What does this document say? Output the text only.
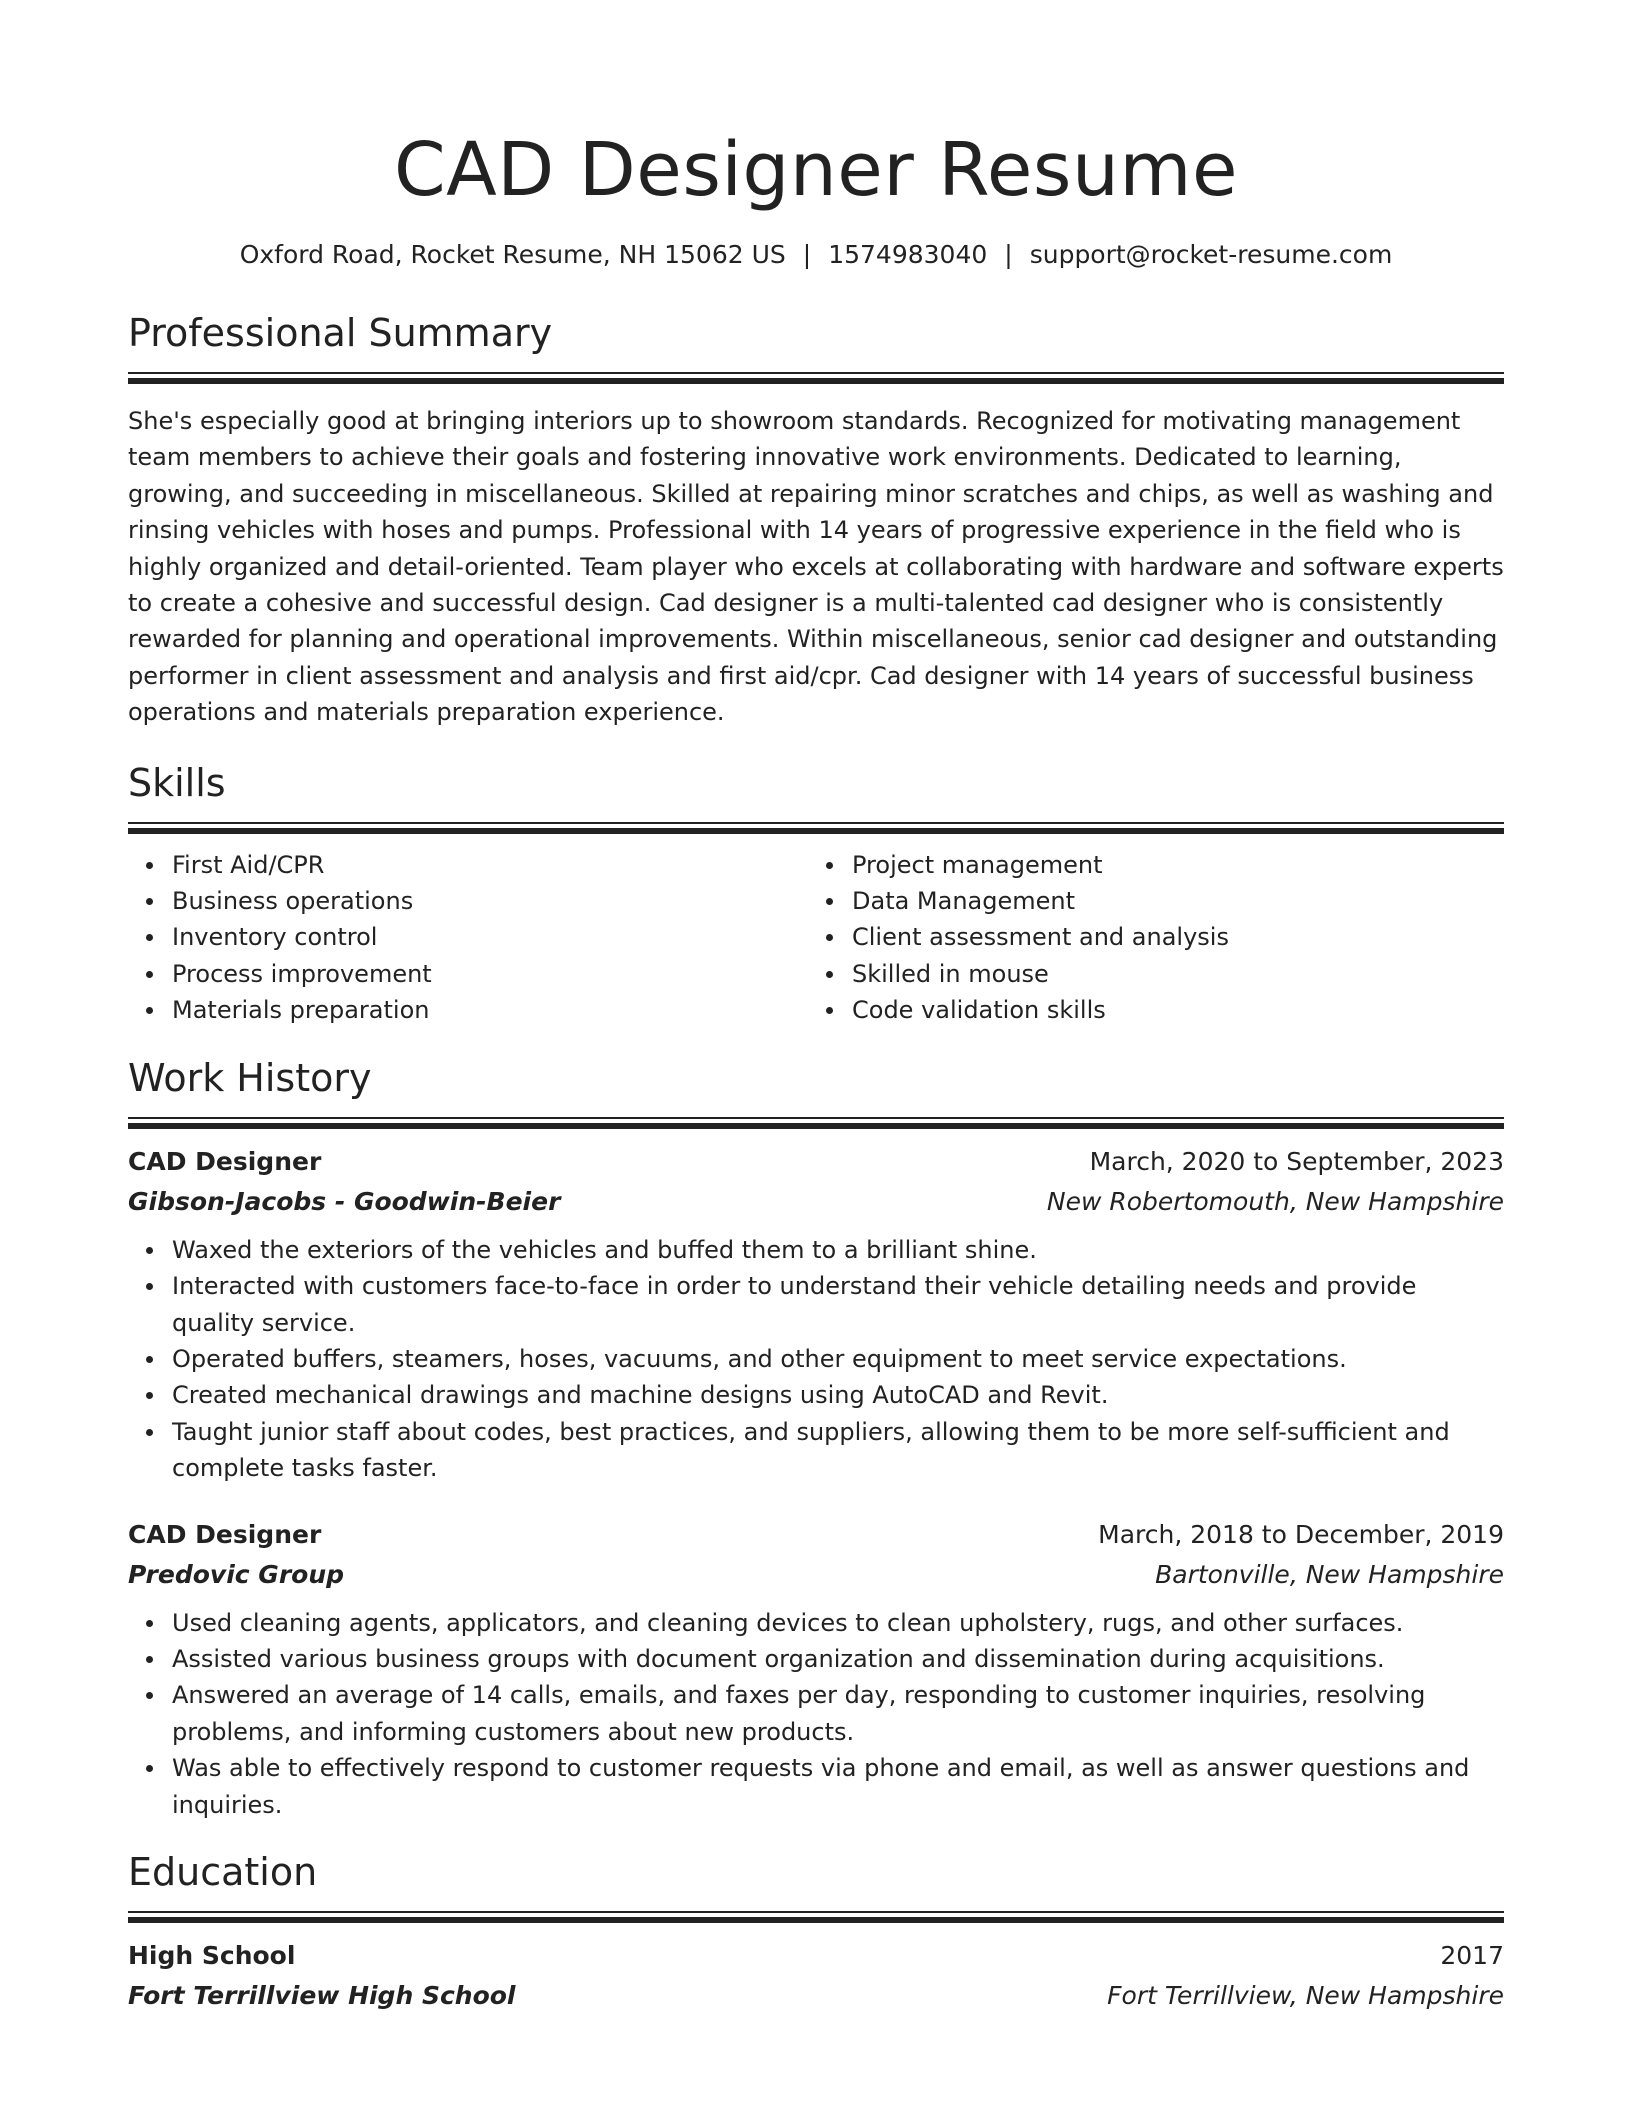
CAD Designer Resume
Oxford Road, Rocket Resume, NH 15062 US | 1574983040 | support@rocket-resume.com
Professional Summary

She's especially good at bringing interiors up to showroom standards. Recognized for motivating management team members to achieve their goals and fostering innovative work environments. Dedicated to learning, growing, and succeeding in miscellaneous. Skilled at repairing minor scratches and chips, as well as washing and rinsing vehicles with hoses and pumps. Professional with 14 years of progressive experience in the field who is highly organized and detail-oriented. Team player who excels at collaborating with hardware and software experts to create a cohesive and successful design. Cad designer is a multi-talented cad designer who is consistently rewarded for planning and operational improvements. Within miscellaneous, senior cad designer and outstanding performer in client assessment and analysis and first aid/cpr. Cad designer with 14 years of successful business operations and materials preparation experience.

Skills
First Aid/CPR
Business operations
Inventory control
Process improvement
Materials preparation
Project management
Data Management
Client assessment and analysis
Skilled in mouse
Code validation skills
Work History
CAD Designer	March, 2020 to September, 2023
Gibson-Jacobs - Goodwin-Beier	New Robertomouth, New Hampshire
Waxed the exteriors of the vehicles and buffed them to a brilliant shine.
Interacted with customers face-to-face in order to understand their vehicle detailing needs and provide quality service.
Operated buffers, steamers, hoses, vacuums, and other equipment to meet service expectations.
Created mechanical drawings and machine designs using AutoCAD and Revit.
Taught junior staff about codes, best practices, and suppliers, allowing them to be more self-sufficient and complete tasks faster.
CAD Designer	March, 2018 to December, 2019
Predovic Group	Bartonville, New Hampshire
Used cleaning agents, applicators, and cleaning devices to clean upholstery, rugs, and other surfaces.
Assisted various business groups with document organization and dissemination during acquisitions.
Answered an average of 14 calls, emails, and faxes per day, responding to customer inquiries, resolving problems, and informing customers about new products.
Was able to effectively respond to customer requests via phone and email, as well as answer questions and inquiries.
Education
High School	2017
Fort Terrillview High School	Fort Terrillview, New Hampshire
